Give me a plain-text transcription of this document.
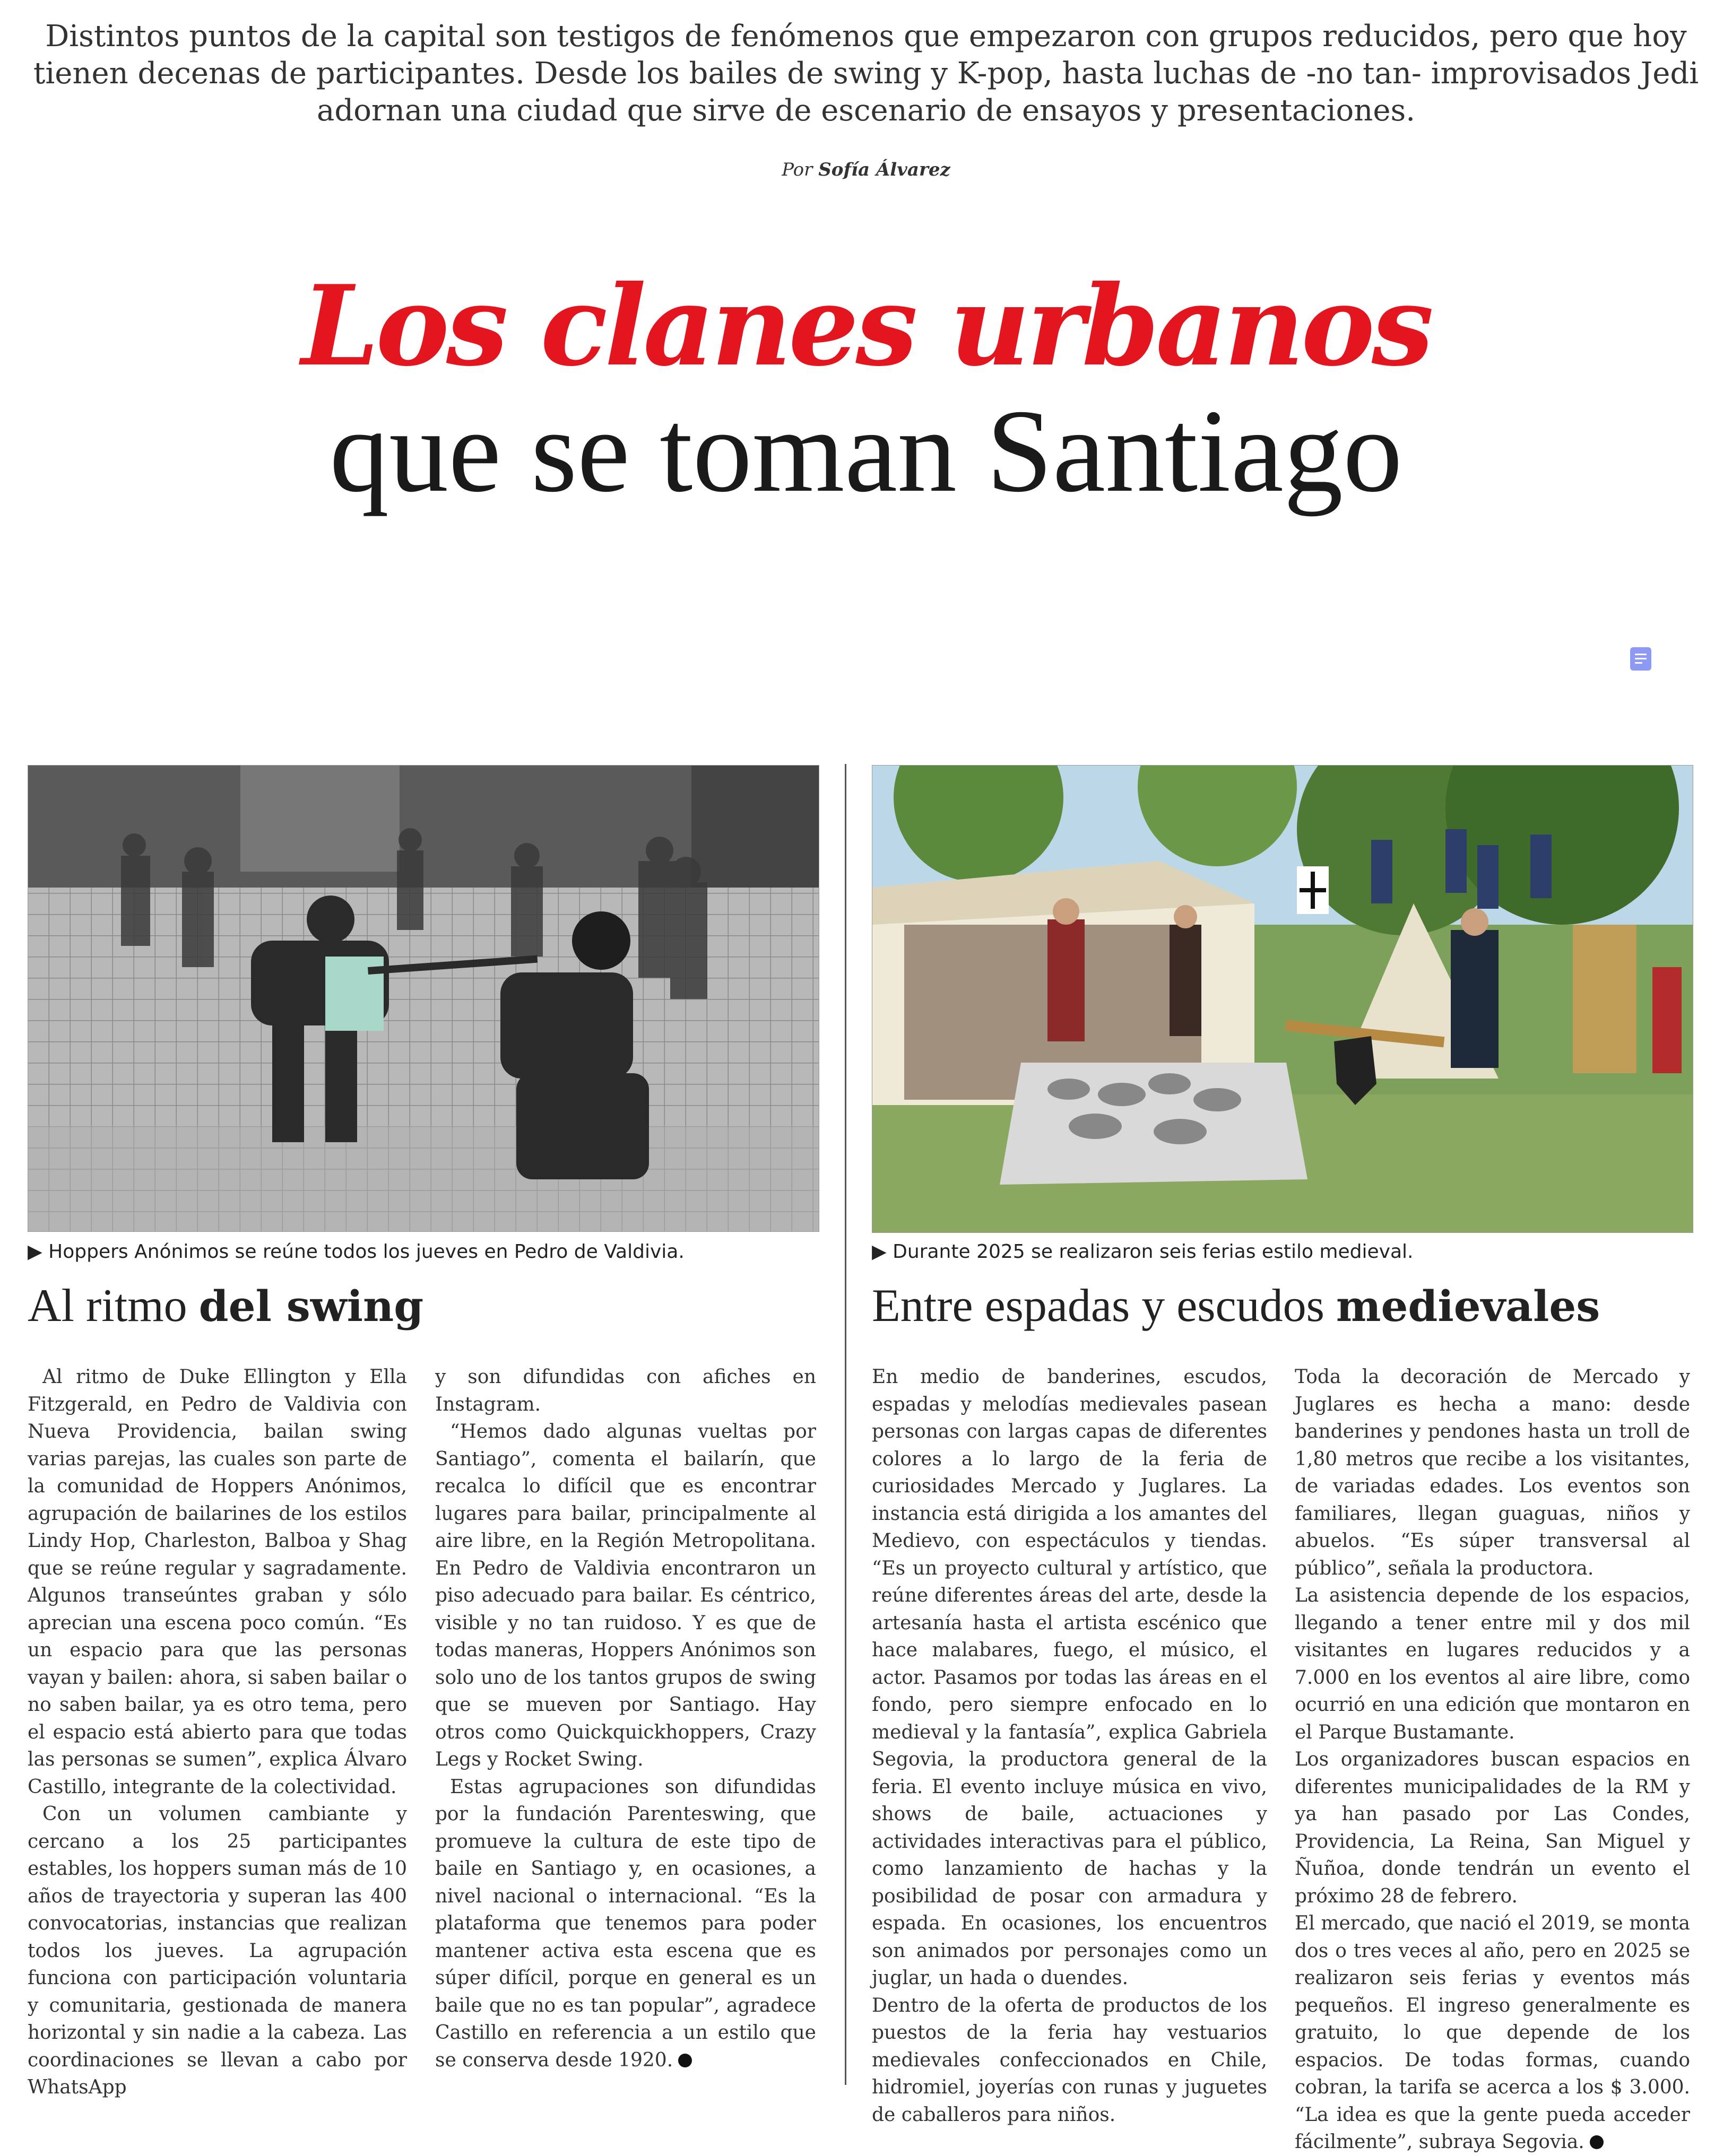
Distintos puntos de la capital son testigos de fenómenos que empezaron con grupos reducidos, pero que hoy tienen decenas de participantes. Desde los bailes de swing y K-pop, hasta luchas de -no tan- improvisados Jedi adornan una ciudad que sirve de escenario de ensayos y presentaciones.
Por Sofía Álvarez
Los clanes urbanos
que se toman Santiago
▶ Hoppers Anónimos se reúne todos los jueves en Pedro de Valdivia.	▶ Durante 2025 se realizaron seis ferias estilo medieval.
Al ritmo del swing	Entre espadas y escudos medievales

Al ritmo de Duke Ellington y Ella Fitzgerald, en Pedro de Valdivia con Nueva Providencia, bailan swing varias parejas, las cuales son parte de la comunidad de Hoppers Anónimos, agrupación de bailarines de los estilos Lindy Hop, Charleston, Balboa y Shag que se reúne regular y sagradamente. Algunos transeúntes graban y sólo aprecian una escena poco común. “Es un espacio para que las personas vayan y bailen: ahora, si saben bailar o no saben bailar, ya es otro tema, pero el espacio está abierto para que todas las personas se sumen”, explica Álvaro Castillo, integrante de la colectividad.

Con un volumen cambiante y cercano a los 25 participantes estables, los hoppers suman más de 10 años de trayectoria y superan las 400 convocatorias, instancias que realizan todos los jueves. La agrupación funciona con participación voluntaria y comunitaria, gestionada de manera horizontal y sin nadie a la cabeza. Las coordinaciones se llevan a cabo por WhatsApp

y son difundidas con afiches en Instagram.

“Hemos dado algunas vueltas por Santiago”, comenta el bailarín, que recalca lo difícil que es encontrar lugares para bailar, principalmente al aire libre, en la Región Metropolitana. En Pedro de Valdivia encontraron un piso adecuado para bailar. Es céntrico, visible y no tan ruidoso. Y es que de todas maneras, Hoppers Anónimos son solo uno de los tantos grupos de swing que se mueven por Santiago. Hay otros como Quickquickhoppers, Crazy Legs y Rocket Swing.

Estas agrupaciones son difundidas por la fundación Parenteswing, que promueve la cultura de este tipo de baile en Santiago y, en ocasiones, a nivel nacional o internacional. “Es la plataforma que tenemos para poder mantener activa esta escena que es súper difícil, porque en general es un baile que no es tan popular”, agradece Castillo en referencia a un estilo que se conserva desde 1920.

En medio de banderines, escudos, espadas y melodías medievales pasean personas con largas capas de diferentes colores a lo largo de la feria de curiosidades Mercado y Juglares. La instancia está dirigida a los amantes del Medievo, con espectáculos y tiendas. “Es un proyecto cultural y artístico, que reúne diferentes áreas del arte, desde la artesanía hasta el artista escénico que hace malabares, fuego, el músico, el actor. Pasamos por todas las áreas en el fondo, pero siempre enfocado en lo medieval y la fantasía”, explica Gabriela Segovia, la productora general de la feria. El evento incluye música en vivo, shows de baile, actuaciones y actividades interactivas para el público, como lanzamiento de hachas y la posibilidad de posar con armadura y espada. En ocasiones, los encuentros son animados por personajes como un juglar, un hada o duendes.

Dentro de la oferta de productos de los puestos de la feria hay vestuarios medievales confeccionados en Chile, hidromiel, joyerías con runas y juguetes de caballeros para niños.

Toda la decoración de Mercado y Juglares es hecha a mano: desde banderines y pendones hasta un troll de 1,80 metros que recibe a los visitantes, de variadas edades. Los eventos son familiares, llegan guaguas, niños y abuelos. “Es súper transversal al público”, señala la productora.

La asistencia depende de los espacios, llegando a tener entre mil y dos mil visitantes en lugares reducidos y a 7.000 en los eventos al aire libre, como ocurrió en una edición que montaron en el Parque Bustamante.

Los organizadores buscan espacios en diferentes municipalidades de la RM y ya han pasado por Las Condes, Providencia, La Reina, San Miguel y Ñuñoa, donde tendrán un evento el próximo 28 de febrero.

El mercado, que nació el 2019, se monta dos o tres veces al año, pero en 2025 se realizaron seis ferias y eventos más pequeños. El ingreso generalmente es gratuito, lo que depende de los espacios. De todas formas, cuando cobran, la tarifa se acerca a los $ 3.000. “La idea es que la gente pueda acceder fácilmente”, subraya Segovia.
